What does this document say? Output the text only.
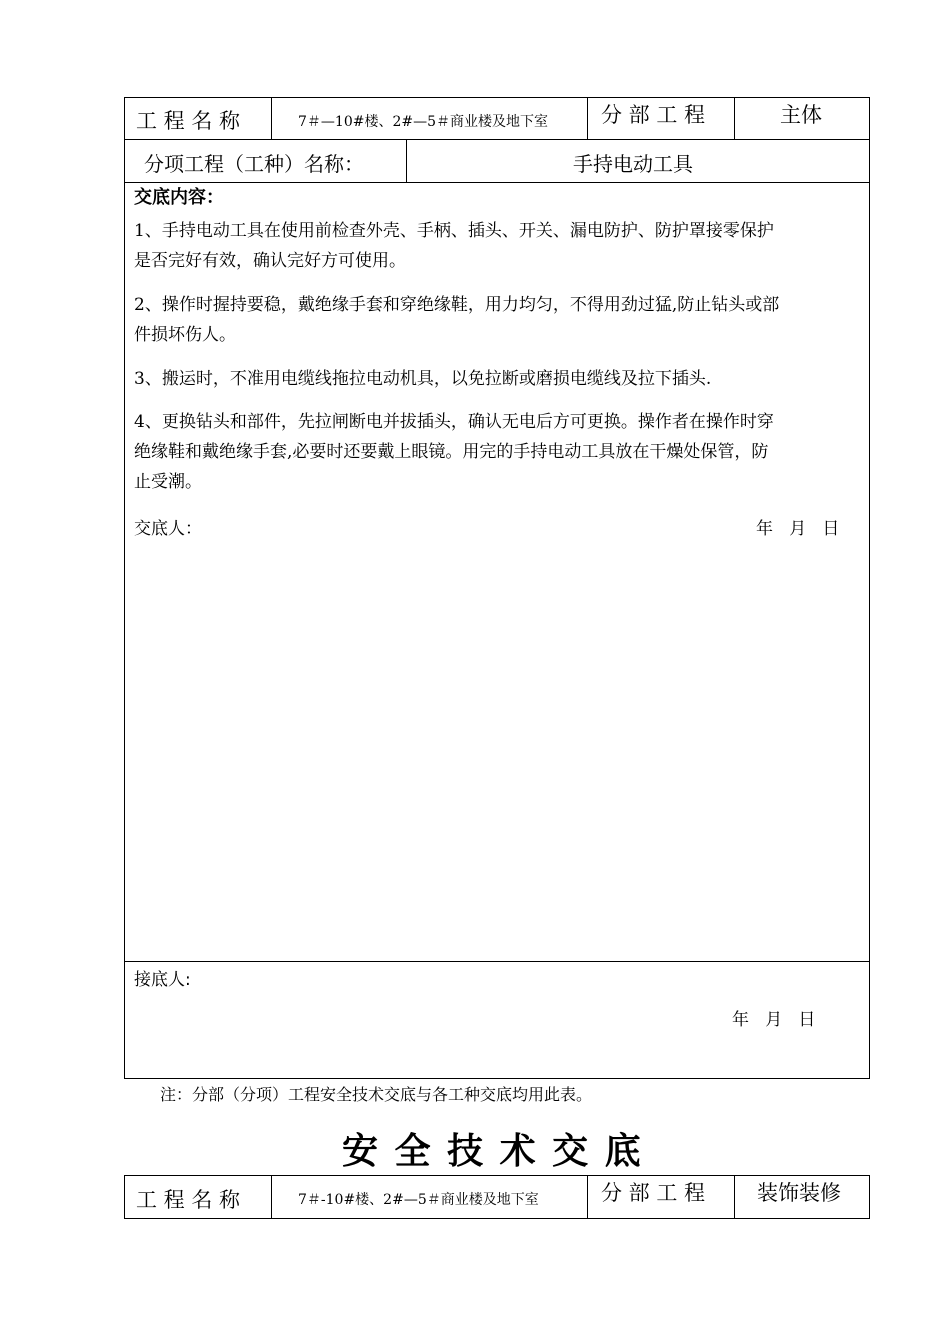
工 程 名 称	7＃—10#楼、2#—5＃商业楼及地下室	分 部 工 程	主体
分项工程（工种）名称：	手持电动工具
交底内容：
1、手持电动工具在使用前检查外壳、手柄、插头、开关、漏电防护、防护罩接零保护
是否完好有效，确认完好方可使用。
2、操作时握持要稳，戴绝缘手套和穿绝缘鞋，用力均匀，不得用劲过猛,防止钻头或部
件损坏伤人。
3、搬运时，不准用电缆线拖拉电动机具，以免拉断或磨损电缆线及拉下插头.
4、更换钻头和部件，先拉闸断电并拔插头，确认无电后方可更换。操作者在操作时穿
绝缘鞋和戴绝缘手套,必要时还要戴上眼镜。用完的手持电动工具放在干燥处保管，防
止受潮。
交底人：	年   月   日
接底人:
年   月   日
注：分部（分项）工程安全技术交底与各工种交底均用此表。
安 全 技 术 交 底
工 程 名 称	7＃-10#楼、2#—5＃商业楼及地下室	分 部 工 程 装饰装修
